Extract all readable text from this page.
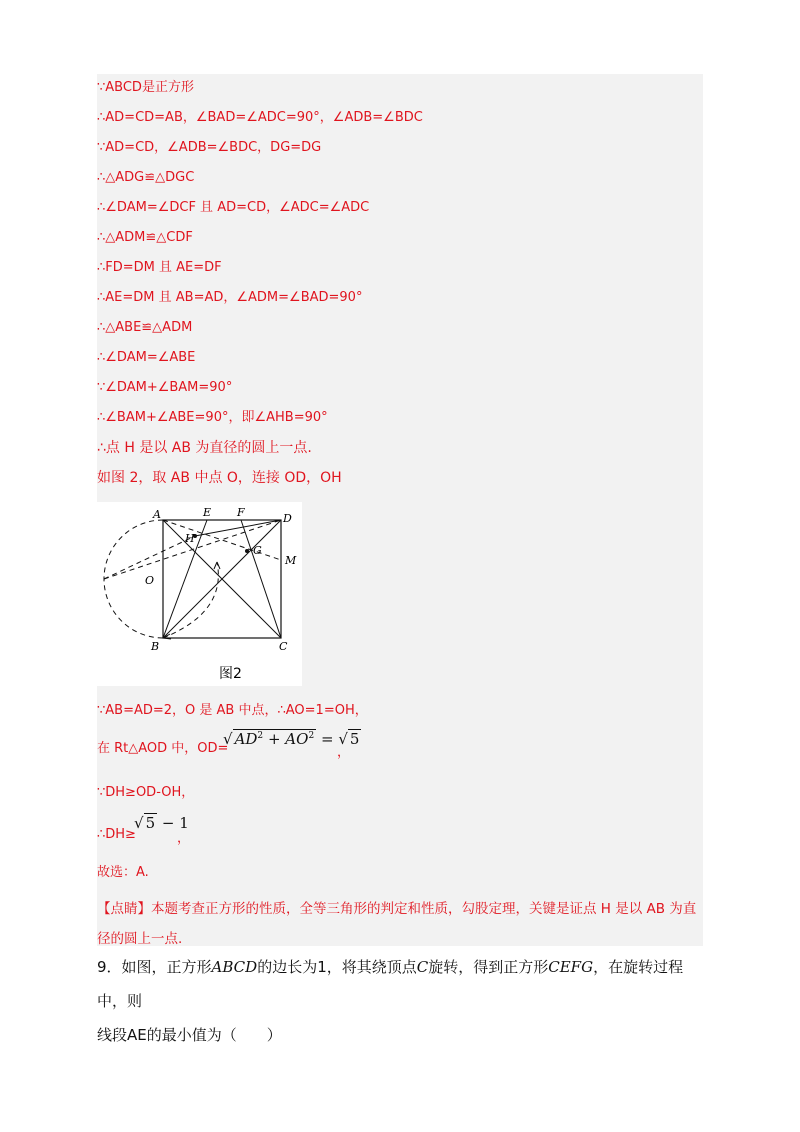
∵ABCD是正方形
∴AD=CD=AB，∠BAD=∠ADC=90°，∠ADB=∠BDC
∵AD=CD，∠ADB=∠BDC，DG=DG
∴△ADG≌△DGC
∴∠DAM=∠DCF 且 AD=CD，∠ADC=∠ADC
∴△ADM≌△CDF
∴FD=DM 且 AE=DF
∴AE=DM 且 AB=AD，∠ADM=∠BAD=90°
∴△ABE≌△ADM
∴∠DAM=∠ABE
∵∠DAM+∠BAM=90°
∴∠BAM+∠ABE=90°，即∠AHB=90°
∴点 H 是以 AB 为直径的圆上一点.
如图 2，取 AB 中点 O，连接 OD，OH
A	E F	D
H
G
M
O
B	C
图2
∵AB=AD=2，O 是 AB 中点，∴AO=1=OH，
在 Rt△AOD 中，OD=
√ $AD^2 + AO^2$ = √ 5
，
∵DH≥OD-OH，
∴DH≥
√ 5 − 1
，
故选：A.
【点睛】本题考查正方形的性质，全等三角形的判定和性质，勾股定理，关键是证点 H 是以 AB 为直径的圆上一点.
9．如图，正方形ABCD的边长为1，将其绕顶点C旋转，得到正方形CEFG，在旋转过程中，则
线段AE的最小值为（　　）
